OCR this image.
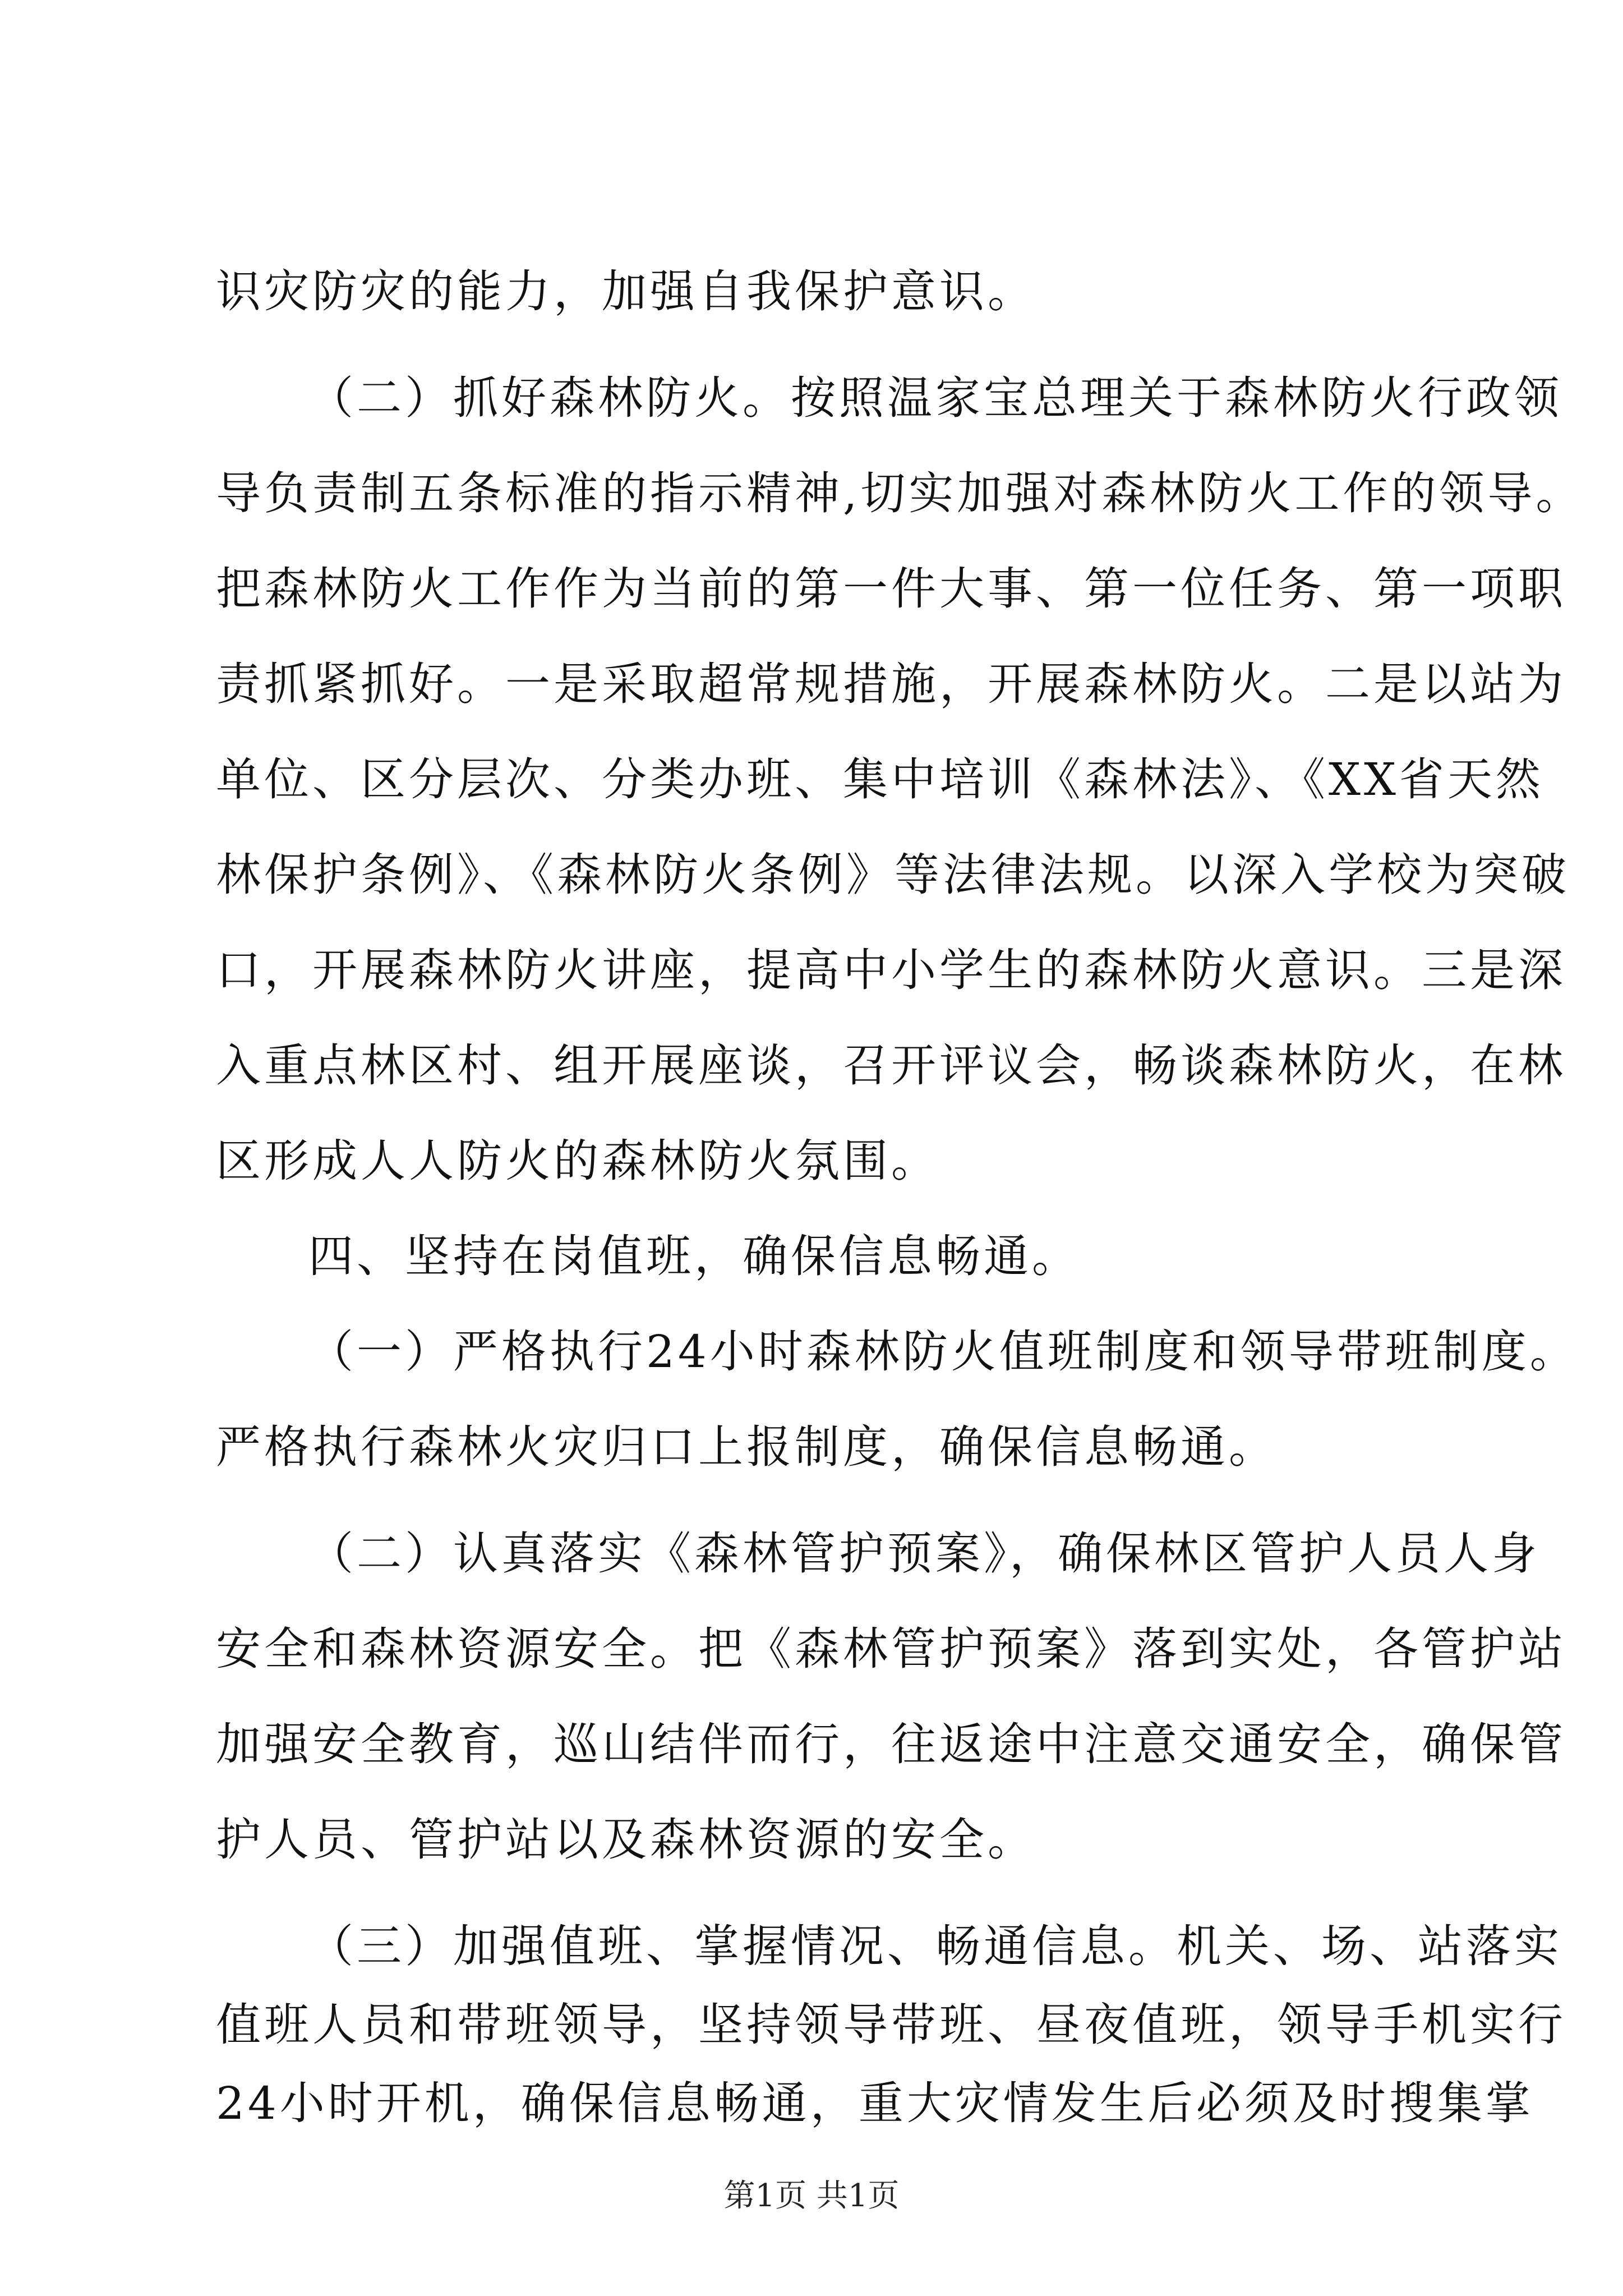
识灾防灾的能力，加强自我保护意识。
（二）抓好森林防火。按照温家宝总理关于森林防火行政领
导负责制五条标准的指示精神,切实加强对森林防火工作的领导。
把森林防火工作作为当前的第一件大事、第一位任务、第一项职
责抓紧抓好。一是采取超常规措施，开展森林防火。二是以站为
单位、区分层次、分类办班、集中培训《森林法》、《XX省天然
林保护条例》、《森林防火条例》等法律法规。以深入学校为突破
口，开展森林防火讲座，提高中小学生的森林防火意识。三是深
入重点林区村、组开展座谈，召开评议会，畅谈森林防火，在林
区形成人人防火的森林防火氛围。
四、坚持在岗值班，确保信息畅通。
（一）严格执行24小时森林防火值班制度和领导带班制度。
严格执行森林火灾归口上报制度，确保信息畅通。
（二）认真落实《森林管护预案》，确保林区管护人员人身
安全和森林资源安全。把《森林管护预案》落到实处，各管护站
加强安全教育，巡山结伴而行，往返途中注意交通安全，确保管
护人员、管护站以及森林资源的安全。
（三）加强值班、掌握情况、畅通信息。机关、场、站落实
值班人员和带班领导，坚持领导带班、昼夜值班，领导手机实行
24小时开机，确保信息畅通，重大灾情发生后必须及时搜集掌
第1页 共1页
